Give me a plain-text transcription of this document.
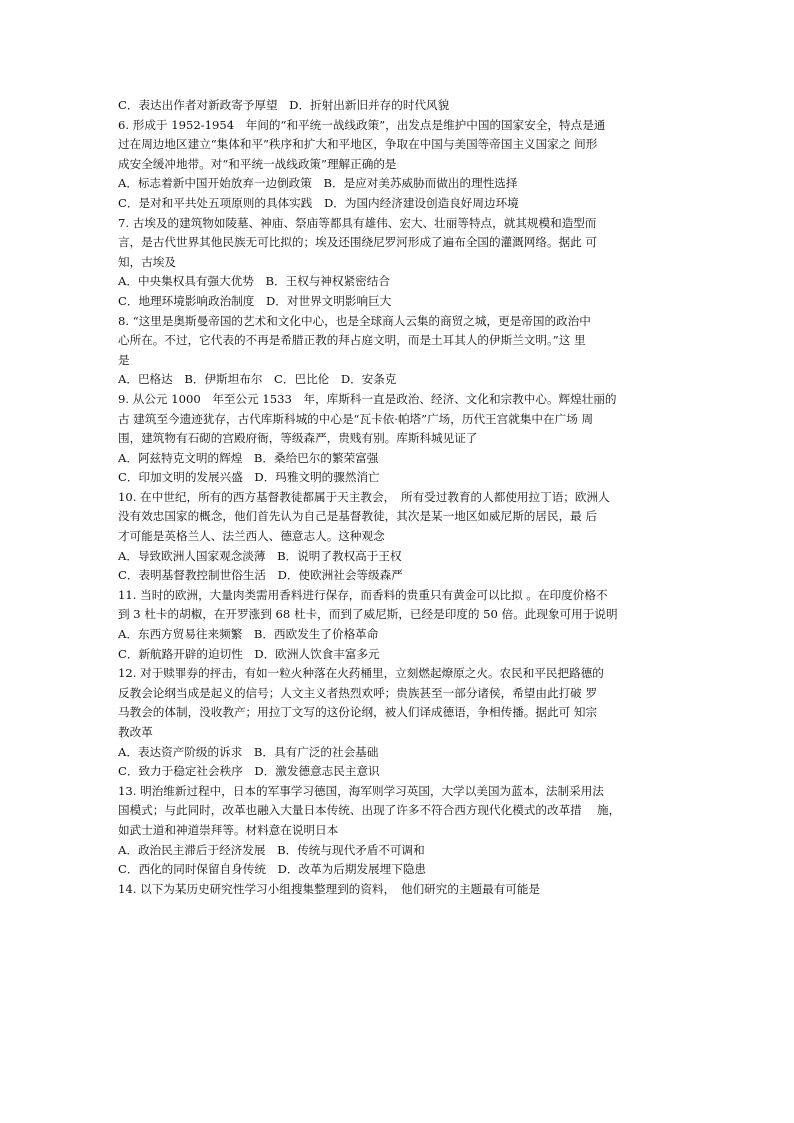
C．表达出作者对新政寄予厚望　D．折射出新旧并存的时代风貌
6. 形成于 1952-1954　年间的“和平统一战线政策”，出发点是维护中国的国家安全，特点是通
过在周边地区建立“集体和平”秩序和扩大和平地区，争取在中国与美国等帝国主义国家之 间形
成安全缓冲地带。对“和平统一战线政策”理解正确的是
A．标志着新中国开始放弃一边倒政策　B．是应对美苏威胁而做出的理性选择
C．是对和平共处五项原则的具体实践　D．为国内经济建设创造良好周边环境
7. 古埃及的建筑物如陵墓、神庙、祭庙等都具有雄伟、宏大、壮丽等特点，就其规模和造型而
言，是古代世界其他民族无可比拟的；埃及还围绕尼罗河形成了遍布全国的灌溉网络。据此 可
知，古埃及
A．中央集权具有强大优势　B．王权与神权紧密结合
C．地理环境影响政治制度　D．对世界文明影响巨大
8. “这里是奥斯曼帝国的艺术和文化中心，也是全球商人云集的商贸之城，更是帝国的政治中
心所在。不过，它代表的不再是希腊正教的拜占庭文明，而是土耳其人的伊斯兰文明。”这 里
是
A．巴格达　B．伊斯坦布尔　C．巴比伦　D．安条克
9. 从公元 1000　年至公元 1533　年，库斯科一直是政治、经济、文化和宗教中心。辉煌壮丽的
古 建筑至今遗迹犹存，古代库斯科城的中心是“瓦卡依·帕塔”广场，历代王宫就集中在广场 周
围，建筑物有石砌的宫殿府衙，等级森严，贵贱有别。库斯科城见证了
A．阿兹特克文明的辉煌　B．桑给巴尔的繁荣富强
C．印加文明的发展兴盛　D．玛雅文明的骤然消亡
10. 在中世纪，所有的西方基督教徒都属于天主教会，　所有受过教育的人都使用拉丁语；欧洲人
没有效忠国家的概念，他们首先认为自己是基督教徒，其次是某一地区如威尼斯的居民，最 后
才可能是英格兰人、法兰西人、德意志人。这种观念
A．导致欧洲人国家观念淡薄　B．说明了教权高于王权
C．表明基督教控制世俗生活　D．使欧洲社会等级森严
11. 当时的欧洲，大量肉类需用香料进行保存，而香料的贵重只有黄金可以比拟 。在印度价格不
到 3 杜卡的胡椒，在开罗涨到 68 杜卡，而到了威尼斯，已经是印度的 50 倍。此现象可用于说明
A．东西方贸易往来频繁　B．西欧发生了价格革命
C．新航路开辟的迫切性　D．欧洲人饮食丰富多元
12. 对于赎罪券的抨击，有如一粒火种落在火药桶里，立刻燃起燎原之火。农民和平民把路德的
反教会论纲当成是起义的信号；人文主义者热烈欢呼；贵族甚至一部分诸侯，希望由此打破 罗
马教会的体制，没收教产；用拉丁文写的这份论纲，被人们译成德语，争相传播。据此可 知宗
教改革
A．表达资产阶级的诉求　B．具有广泛的社会基础
C．致力于稳定社会秩序　D．激发德意志民主意识
13. 明治维新过程中，日本的军事学习德国，海军则学习英国，大学以美国为蓝本，法制采用法
国模式；与此同时，改革也融入大量日本传统、出现了许多不符合西方现代化模式的改革措　 施，
如武士道和神道崇拜等。材料意在说明日本
A．政治民主滞后于经济发展　B．传统与现代矛盾不可调和
C．西化的同时保留自身传统　D．改革为后期发展埋下隐患
14. 以下为某历史研究性学习小组搜集整理到的资料，　他们研究的主题最有可能是
